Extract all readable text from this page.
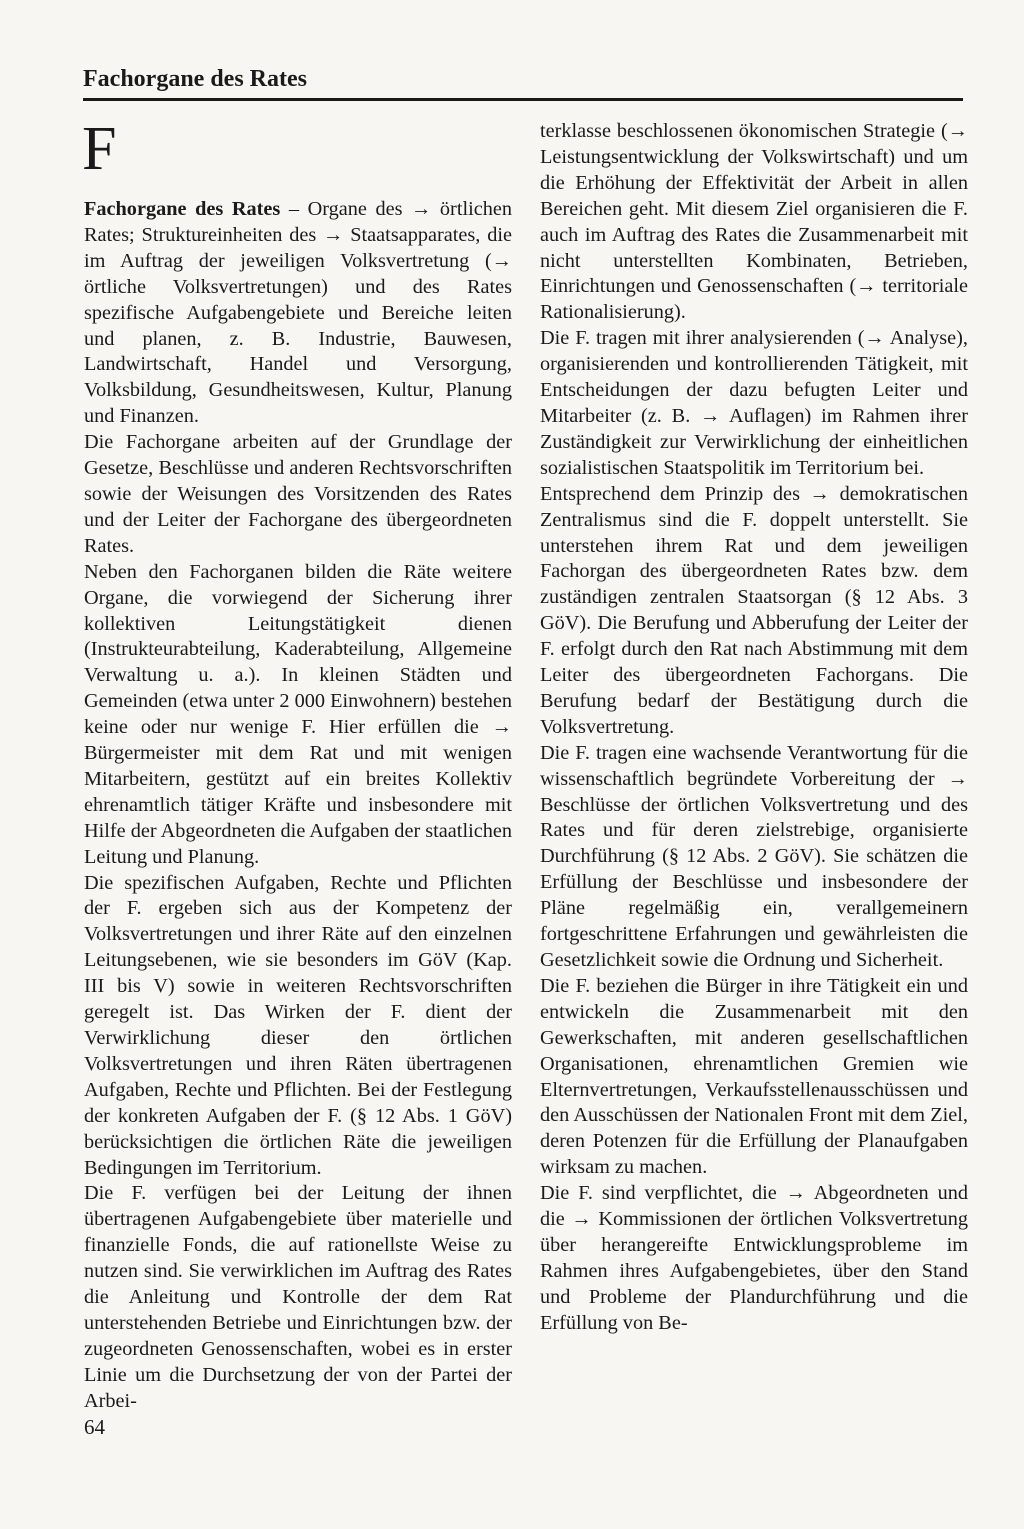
Fachorgane des Rates
F

Fachorgane des Rates – Organe des → örtlichen Rates; Struktureinheiten des → Staatsapparates, die im Auftrag der jeweiligen Volksvertretung (→ örtliche Volksvertretungen) und des Rates spezifische Aufgabengebiete und Bereiche leiten und planen, z. B. Industrie, Bauwesen, Landwirtschaft, Handel und Versorgung, Volksbildung, Gesundheitswesen, Kultur, Planung und Finanzen.

Die Fachorgane arbeiten auf der Grundlage der Gesetze, Beschlüsse und anderen Rechtsvorschriften sowie der Weisungen des Vorsitzenden des Rates und der Leiter der Fachorgane des übergeordneten Rates.

Neben den Fachorganen bilden die Räte weitere Organe, die vorwiegend der Sicherung ihrer kollektiven Leitungstätigkeit dienen (Instrukteurabteilung, Kaderabteilung, Allgemeine Verwaltung u. a.). In kleinen Städten und Gemeinden (etwa unter 2 000 Einwohnern) bestehen keine oder nur wenige F. Hier erfüllen die → Bürgermeister mit dem Rat und mit wenigen Mitarbeitern, gestützt auf ein breites Kollektiv ehrenamtlich tätiger Kräfte und insbesondere mit Hilfe der Abgeordneten die Aufgaben der staatlichen Leitung und Planung.

Die spezifischen Aufgaben, Rechte und Pflichten der F. ergeben sich aus der Kompetenz der Volksvertretungen und ihrer Räte auf den einzelnen Leitungsebenen, wie sie besonders im GöV (Kap. III bis V) sowie in weiteren Rechtsvorschriften geregelt ist. Das Wirken der F. dient der Verwirklichung dieser den örtlichen Volksvertretungen und ihren Räten übertragenen Aufgaben, Rechte und Pflichten. Bei der Festlegung der konkreten Aufgaben der F. (§ 12 Abs. 1 GöV) berücksichtigen die örtlichen Räte die jeweiligen Bedingungen im Territorium.

Die F. verfügen bei der Leitung der ihnen übertragenen Aufgabengebiete über materielle und finanzielle Fonds, die auf rationellste Weise zu nutzen sind. Sie verwirklichen im Auftrag des Rates die Anleitung und Kontrolle der dem Rat unterstehenden Betriebe und Einrichtungen bzw. der zugeordneten Genossenschaften, wobei es in erster Linie um die Durchsetzung der von der Partei der Arbei-

terklasse beschlossenen ökonomischen Strategie (→ Leistungsentwicklung der Volkswirtschaft) und um die Erhöhung der Effektivität der Arbeit in allen Bereichen geht. Mit diesem Ziel organisieren die F. auch im Auftrag des Rates die Zusammenarbeit mit nicht unterstellten Kombinaten, Betrieben, Einrichtungen und Genossenschaften (→ territoriale Rationalisierung).

Die F. tragen mit ihrer analysierenden (→ Analyse), organisierenden und kontrollierenden Tätigkeit, mit Entscheidungen der dazu befugten Leiter und Mitarbeiter (z. B. → Auflagen) im Rahmen ihrer Zuständigkeit zur Verwirklichung der einheitlichen sozialistischen Staatspolitik im Territorium bei.

Entsprechend dem Prinzip des → demokratischen Zentralismus sind die F. doppelt unterstellt. Sie unterstehen ihrem Rat und dem jeweiligen Fachorgan des übergeordneten Rates bzw. dem zuständigen zentralen Staatsorgan (§ 12 Abs. 3 GöV). Die Berufung und Abberufung der Leiter der F. erfolgt durch den Rat nach Abstimmung mit dem Leiter des übergeordneten Fachorgans. Die Berufung bedarf der Bestätigung durch die Volksvertretung.

Die F. tragen eine wachsende Verantwortung für die wissenschaftlich begründete Vorbereitung der → Beschlüsse der örtlichen Volksvertretung und des Rates und für deren zielstrebige, organisierte Durchführung (§ 12 Abs. 2 GöV). Sie schätzen die Erfüllung der Beschlüsse und insbesondere der Pläne regelmäßig ein, verallgemeinern fortgeschrittene Erfahrungen und gewährleisten die Gesetzlichkeit sowie die Ordnung und Sicherheit.

Die F. beziehen die Bürger in ihre Tätigkeit ein und entwickeln die Zusammenarbeit mit den Gewerkschaften, mit anderen gesellschaftlichen Organisationen, ehrenamtlichen Gremien wie Elternvertretungen, Verkaufsstellenausschüssen und den Ausschüssen der Nationalen Front mit dem Ziel, deren Potenzen für die Erfüllung der Planaufgaben wirksam zu machen.

Die F. sind verpflichtet, die → Abgeordneten und die → Kommissionen der örtlichen Volksvertretung über herangereifte Entwicklungsprobleme im Rahmen ihres Aufgabengebietes, über den Stand und Probleme der Plandurchführung und die Erfüllung von Be-

64
